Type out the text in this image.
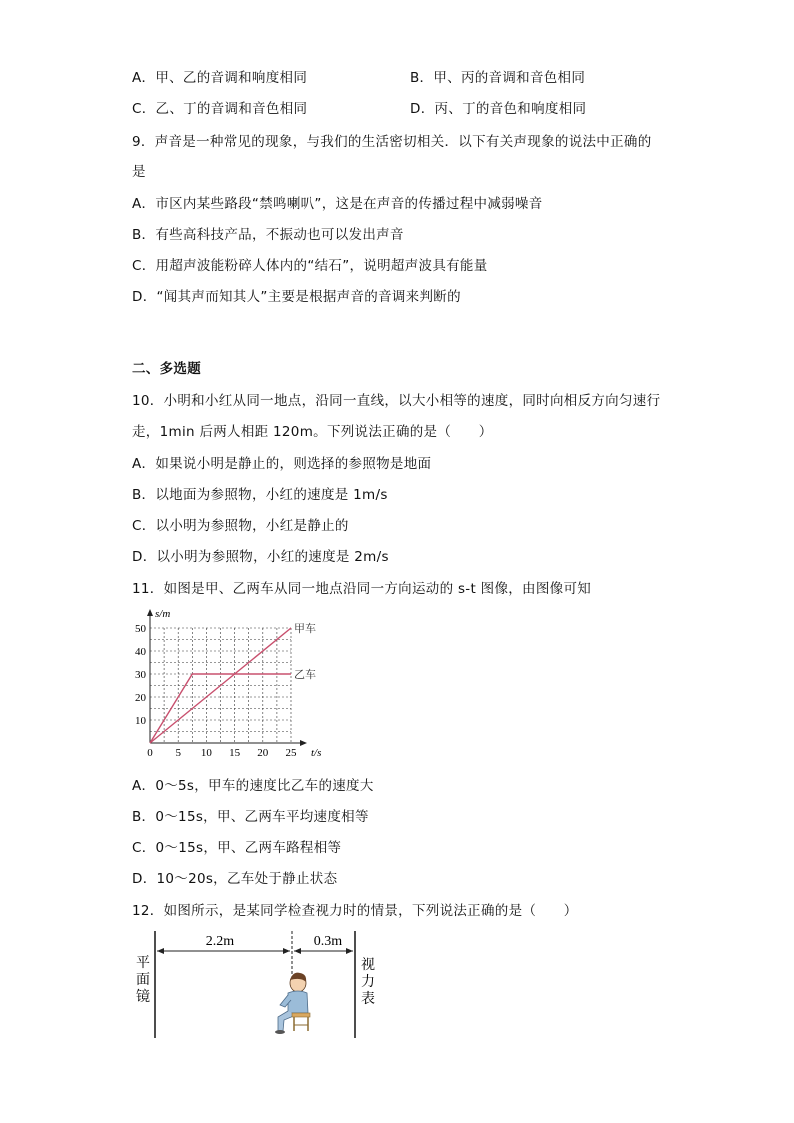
A．甲、乙的音调和响度相同	B．甲、丙的音调和音色相同
C．乙、丁的音调和音色相同	D．丙、丁的音色和响度相同
9．声音是一种常见的现象，与我们的生活密切相关．以下有关声现象的说法中正确的
是
A．市区内某些路段“禁鸣喇叭”，这是在声音的传播过程中减弱噪音
B．有些高科技产品，不振动也可以发出声音
C．用超声波能粉碎人体内的“结石”，说明超声波具有能量
D．“闻其声而知其人”主要是根据声音的音调来判断的
二、多选题
10．小明和小红从同一地点，沿同一直线，以大小相等的速度，同时向相反方向匀速行
走，1min 后两人相距 120m。下列说法正确的是（　　）
A．如果说小明是静止的，则选择的参照物是地面
B．以地面为参照物，小红的速度是 1m/s
C．以小明为参照物，小红是静止的
D．以小明为参照物，小红的速度是 2m/s
11．如图是甲、乙两车从同一地点沿同一方向运动的 s-t 图像，由图像可知
0 5 10 15 20 25
10
20
30
40
50
t/s
s/m
甲车
乙车
A．0～5s，甲车的速度比乙车的速度大
B．0～15s，甲、乙两车平均速度相等
C．0～15s，甲、乙两车路程相等
D．10～20s，乙车处于静止状态
12．如图所示，是某同学检查视力时的情景，下列说法正确的是（　　）
2.2m	0.3m
平
面
镜
视
力
表
